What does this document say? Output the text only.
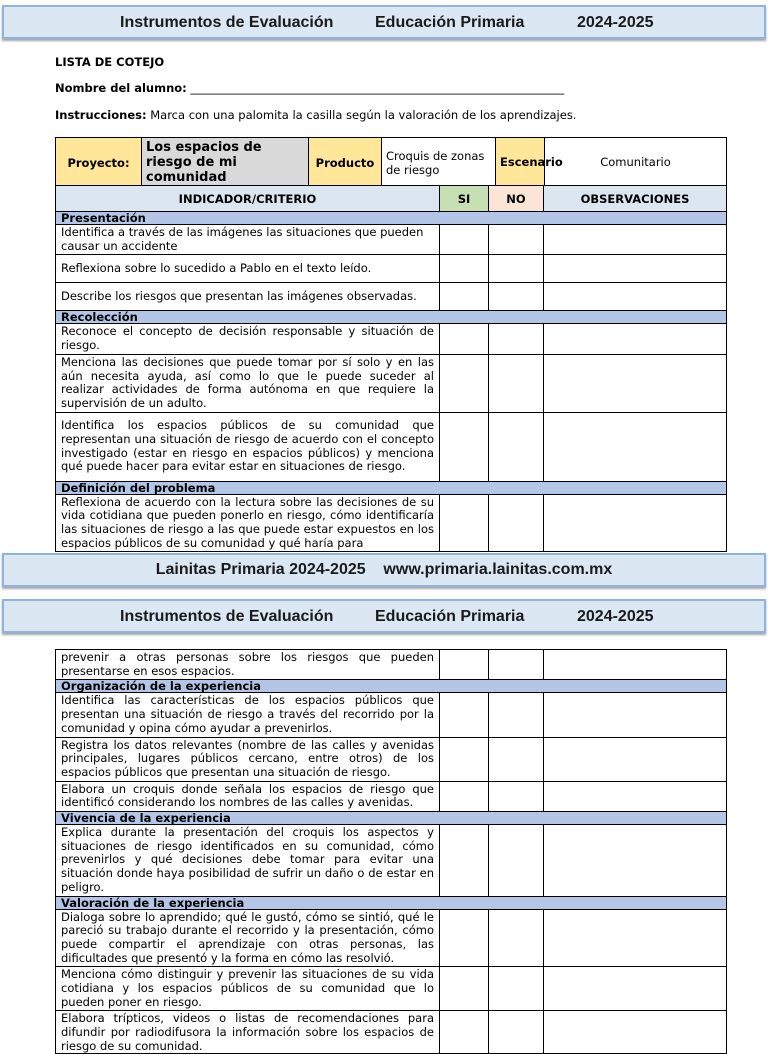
Instrumentos de Evaluación	Educación Primaria	2024-2025
LISTA DE COTEJO
Nombre del alumno: _________________________________________________________________
Instrucciones: Marca con una palomita la casilla según la valoración de los aprendizajes.
Proyecto:	Los espacios de riesgo de mi comunidad	Producto	Croquis de zonas de riesgo	Escenario	Comunitario
INDICADOR/CRITERIO	SI	NO	OBSERVACIONES
Presentación			
Identifica a través de las imágenes las situaciones que pueden causar un accidente			
Reflexiona sobre lo sucedido a Pablo en el texto leído.			
Describe los riesgos que presentan las imágenes observadas.			
Recolección			
Reconoce el concepto de decisión responsable y situación de riesgo.			
Menciona las decisiones que puede tomar por sí solo y en las aún necesita ayuda, así como lo que le puede suceder al realizar actividades de forma autónoma en que requiere la supervisión de un adulto.			
Identifica los espacios públicos de su comunidad que representan una situación de riesgo de acuerdo con el concepto investigado (estar en riesgo en espacios públicos) y menciona qué puede hacer para evitar estar en situaciones de riesgo.			
Definición del problema			

Reflexiona de acuerdo con la lectura sobre las decisiones de su vida cotidiana que pueden ponerlo en riesgo, cómo identificaría las situaciones de riesgo a las que puede estar expuestos en los espacios públicos de su comunidad y qué haría para			

Lainitas Primaria 2024-2025    www.primaria.lainitas.com.mx
Instrumentos de Evaluación	Educación Primaria	2024-2025
prevenir a otras personas sobre los riesgos que pueden presentarse en esos espacios.			
Organización de la experiencia			
Identifica las características de los espacios públicos que presentan una situación de riesgo a través del recorrido por la comunidad y opina cómo ayudar a prevenirlos.			
Registra los datos relevantes (nombre de las calles y avenidas principales, lugares públicos cercano, entre otros) de los espacios públicos que presentan una situación de riesgo.			
Elabora un croquis donde señala los espacios de riesgo que identificó considerando los nombres de las calles y avenidas.			
Vivencia de la experiencia			
Explica durante la presentación del croquis los aspectos y situaciones de riesgo identificados en su comunidad, cómo prevenirlos y qué decisiones debe tomar para evitar una situación donde haya posibilidad de sufrir un daño o de estar en peligro.			
Valoración de la experiencia			
Dialoga sobre lo aprendido; qué le gustó, cómo se sintió, qué le pareció su trabajo durante el recorrido y la presentación, cómo puede compartir el aprendizaje con otras personas, las dificultades que presentó y la forma en cómo las resolvió.			
Menciona cómo distinguir y prevenir las situaciones de su vida cotidiana y los espacios públicos de su comunidad que lo pueden poner en riesgo.			

Elabora trípticos, videos o listas de recomendaciones para difundir por radiodifusora la información sobre los espacios de riesgo de su comunidad.			
